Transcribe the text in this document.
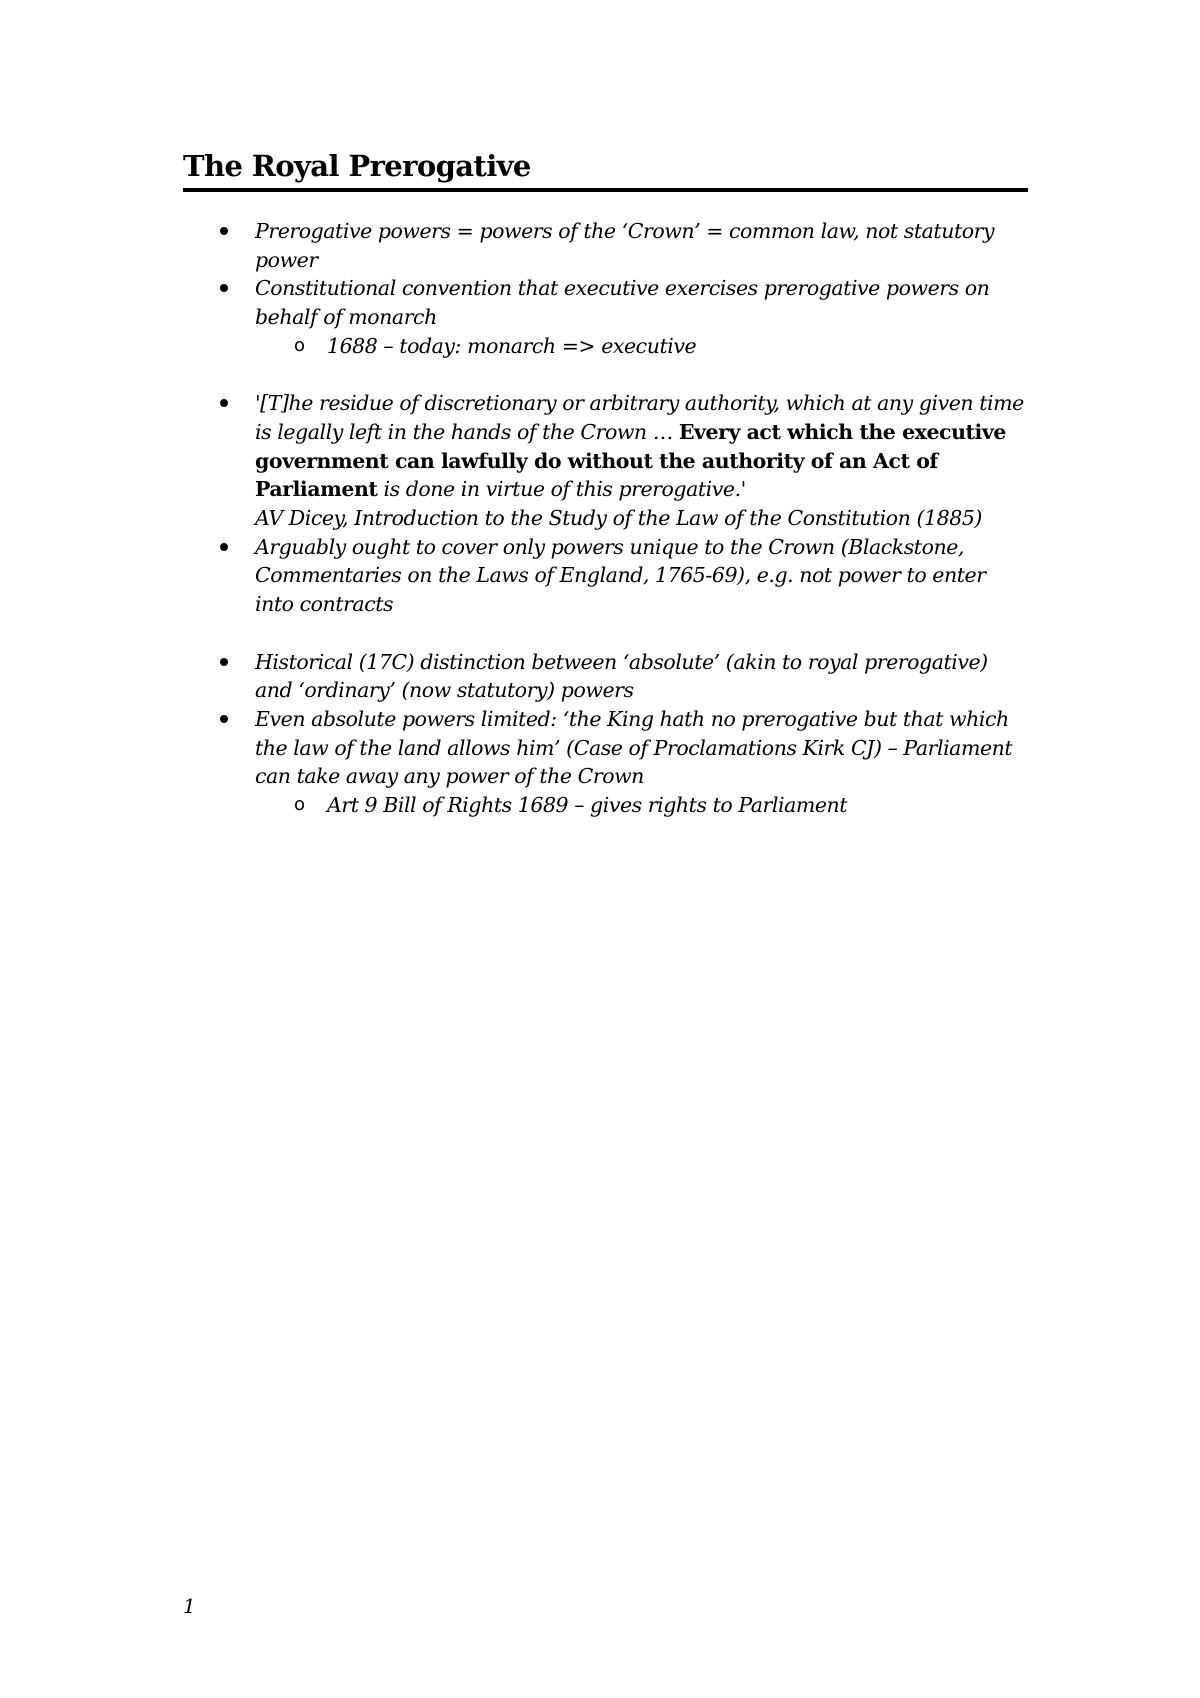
The Royal Prerogative
Prerogative powers = powers of the ‘Crown’ = common law, not statutory power
Constitutional convention that executive exercises prerogative powers on behalf of monarch
o 1688 – today: monarch => executive
'[T]he residue of discretionary or arbitrary authority, which at any given time is legally left in the hands of the Crown … Every act which the executive government can lawfully do without the authority of an Act of Parliament is done in virtue of this prerogative.'
AV Dicey, Introduction to the Study of the Law of the Constitution (1885)
Arguably ought to cover only powers unique to the Crown (Blackstone, Commentaries on the Laws of England, 1765-69), e.g. not power to enter into contracts
Historical (17C) distinction between ‘absolute’ (akin to royal prerogative) and ‘ordinary’ (now statutory) powers
Even absolute powers limited: ‘the King hath no prerogative but that which the law of the land allows him’ (Case of Proclamations Kirk CJ) – Parliament can take away any power of the Crown
o Art 9 Bill of Rights 1689 – gives rights to Parliament
1
